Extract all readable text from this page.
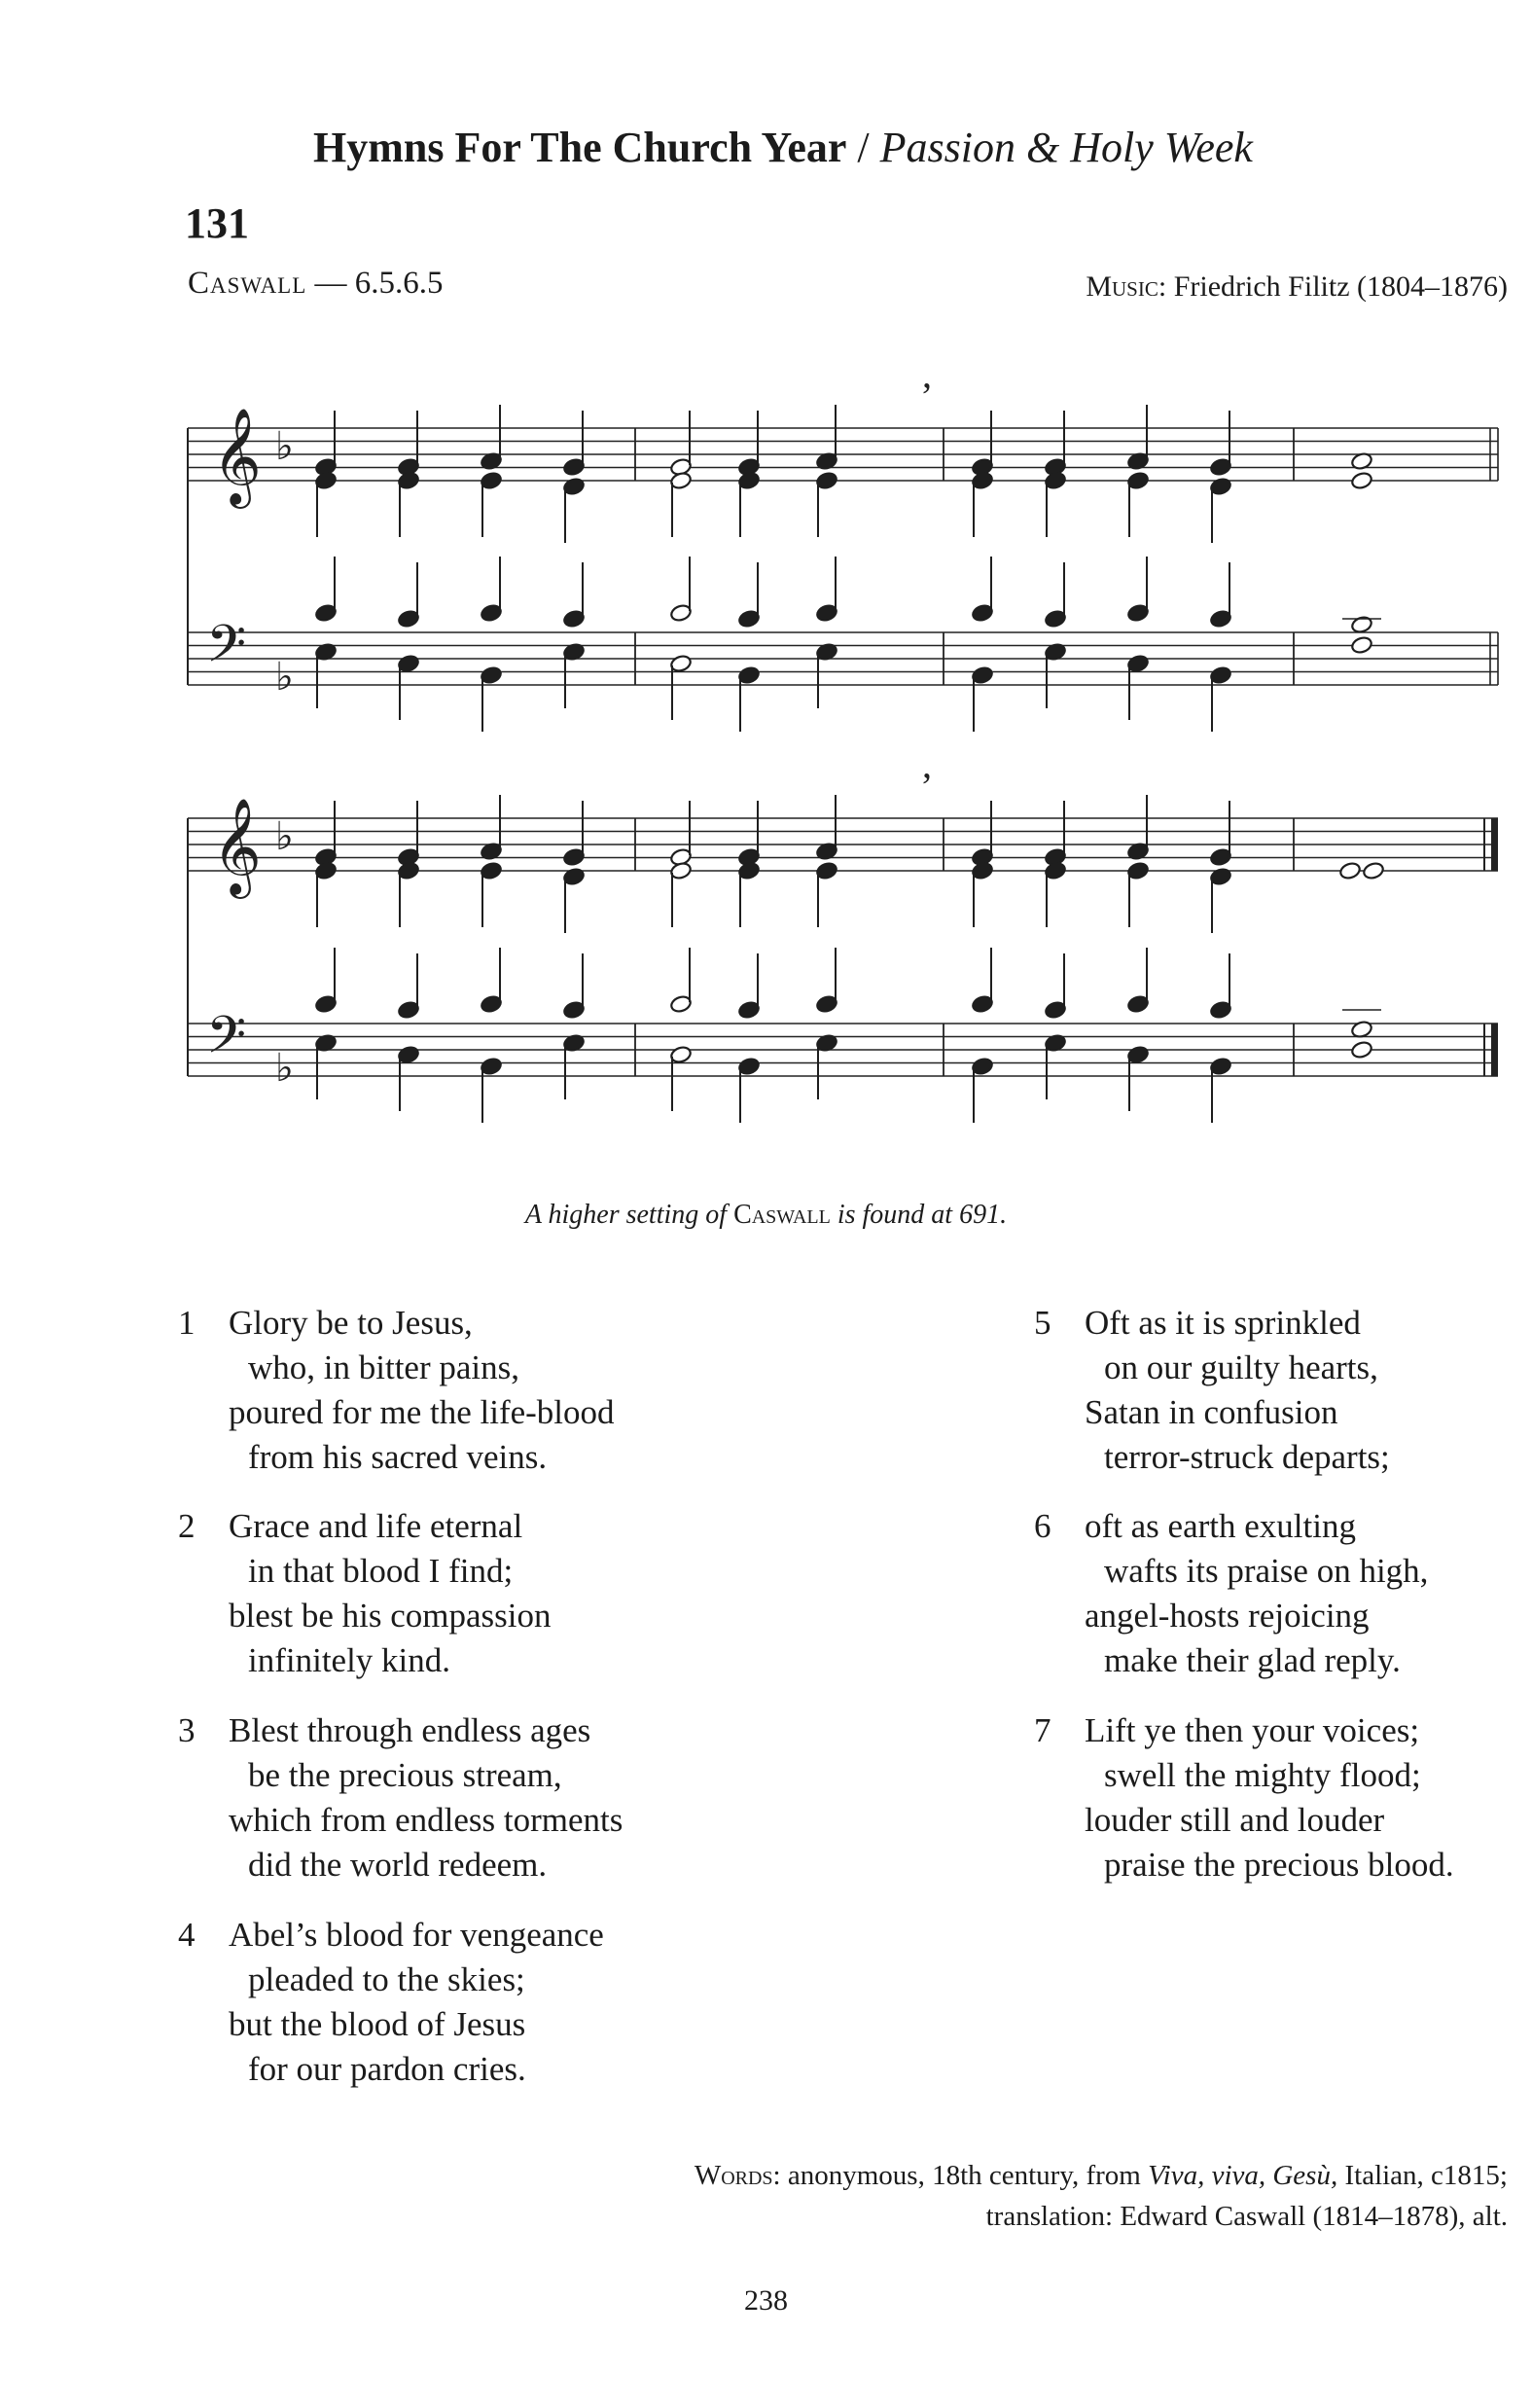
Hymns For The Church Year / Passion & Holy Week
131
Caswall — 6.5.6.5	Music: Friedrich Filitz (1804–1876)
𝄞
𝄢
♭
♭
,
𝄞
𝄢
♭
♭
,
A higher setting of Caswall is found at 691.
1 Glory be to Jesus,
who, in bitter pains,
poured for me the life-blood
from his sacred veins.
2 Grace and life eternal
in that blood I find;
blest be his compassion
infinitely kind.
3 Blest through endless ages
be the precious stream,
which from endless torments
did the world redeem.
4 Abel’s blood for vengeance
pleaded to the skies;
but the blood of Jesus
for our pardon cries.
5 Oft as it is sprinkled
on our guilty hearts,
Satan in confusion
terror-struck departs;
6 oft as earth exulting
wafts its praise on high,
angel-hosts rejoicing
make their glad reply.
7 Lift ye then your voices;
swell the mighty flood;
louder still and louder
praise the precious blood.
Words: anonymous, 18th century, from Viva, viva, Gesù, Italian, c1815;
translation: Edward Caswall (1814–1878), alt.
238
